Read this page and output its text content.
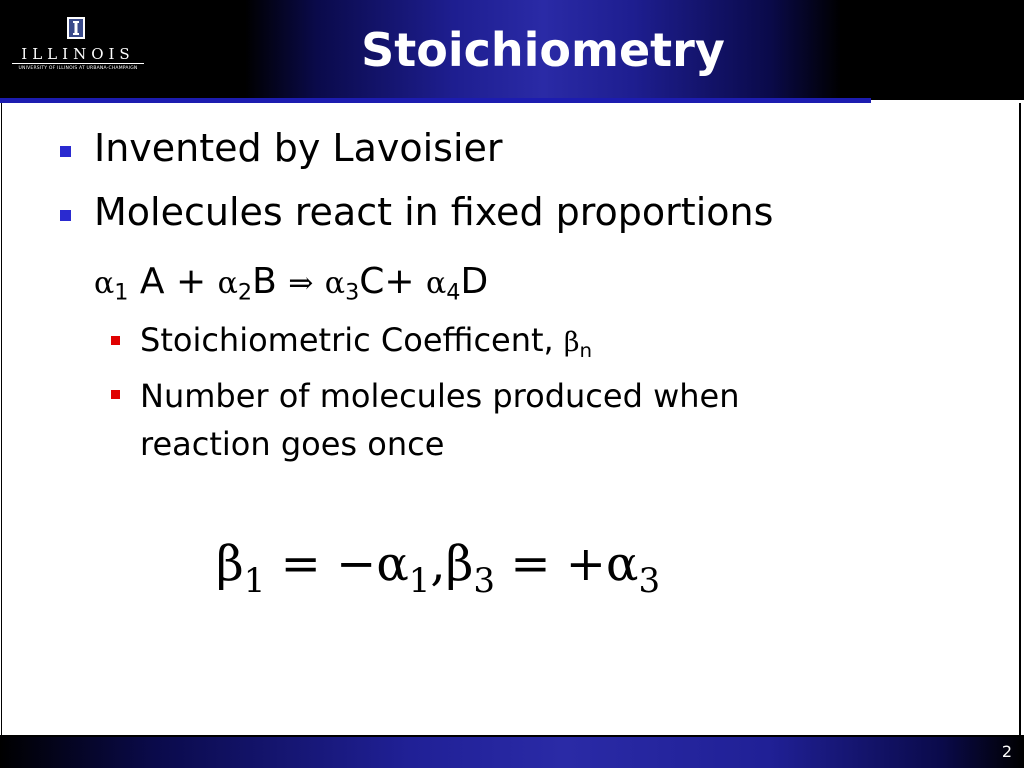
ILLINOIS
UNIVERSITY OF ILLINOIS AT URBANA-CHAMPAIGN	Stoichiometry
Invented by Lavoisier
Molecules react in fixed proportions
$\alpha_1$ $A + \alpha_2B$ ⇒ $\alpha_3C+ \alpha_4D$
Stoichiometric Coefficent, $\beta_n$
Number of molecules produced when
reaction goes once
$\beta_1 = -\alpha_1,\beta_3 = +\alpha_3$
2
